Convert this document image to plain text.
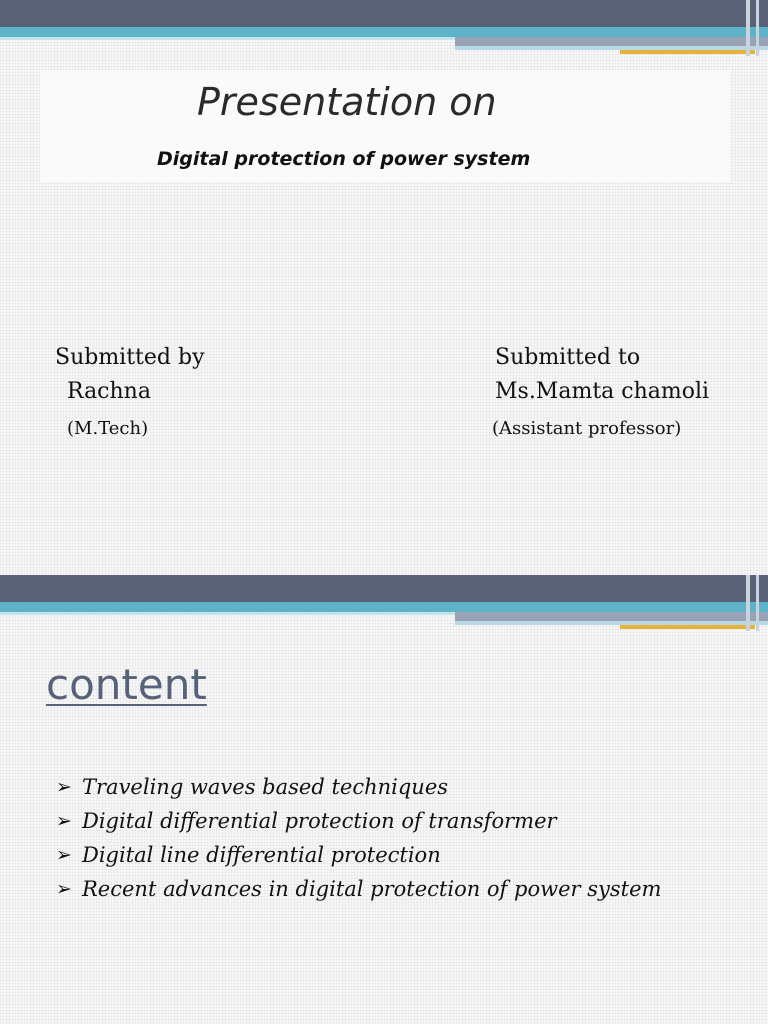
Presentation on

Digital protection of power system

Submitted by

Rachna

(M.Tech)

Submitted to

Ms.Mamta chamoli

(Assistant professor)

content
➢ Traveling waves based techniques
➢ Digital differential protection of transformer
➢ Digital line differential protection
➢ Recent advances in digital protection of power system
